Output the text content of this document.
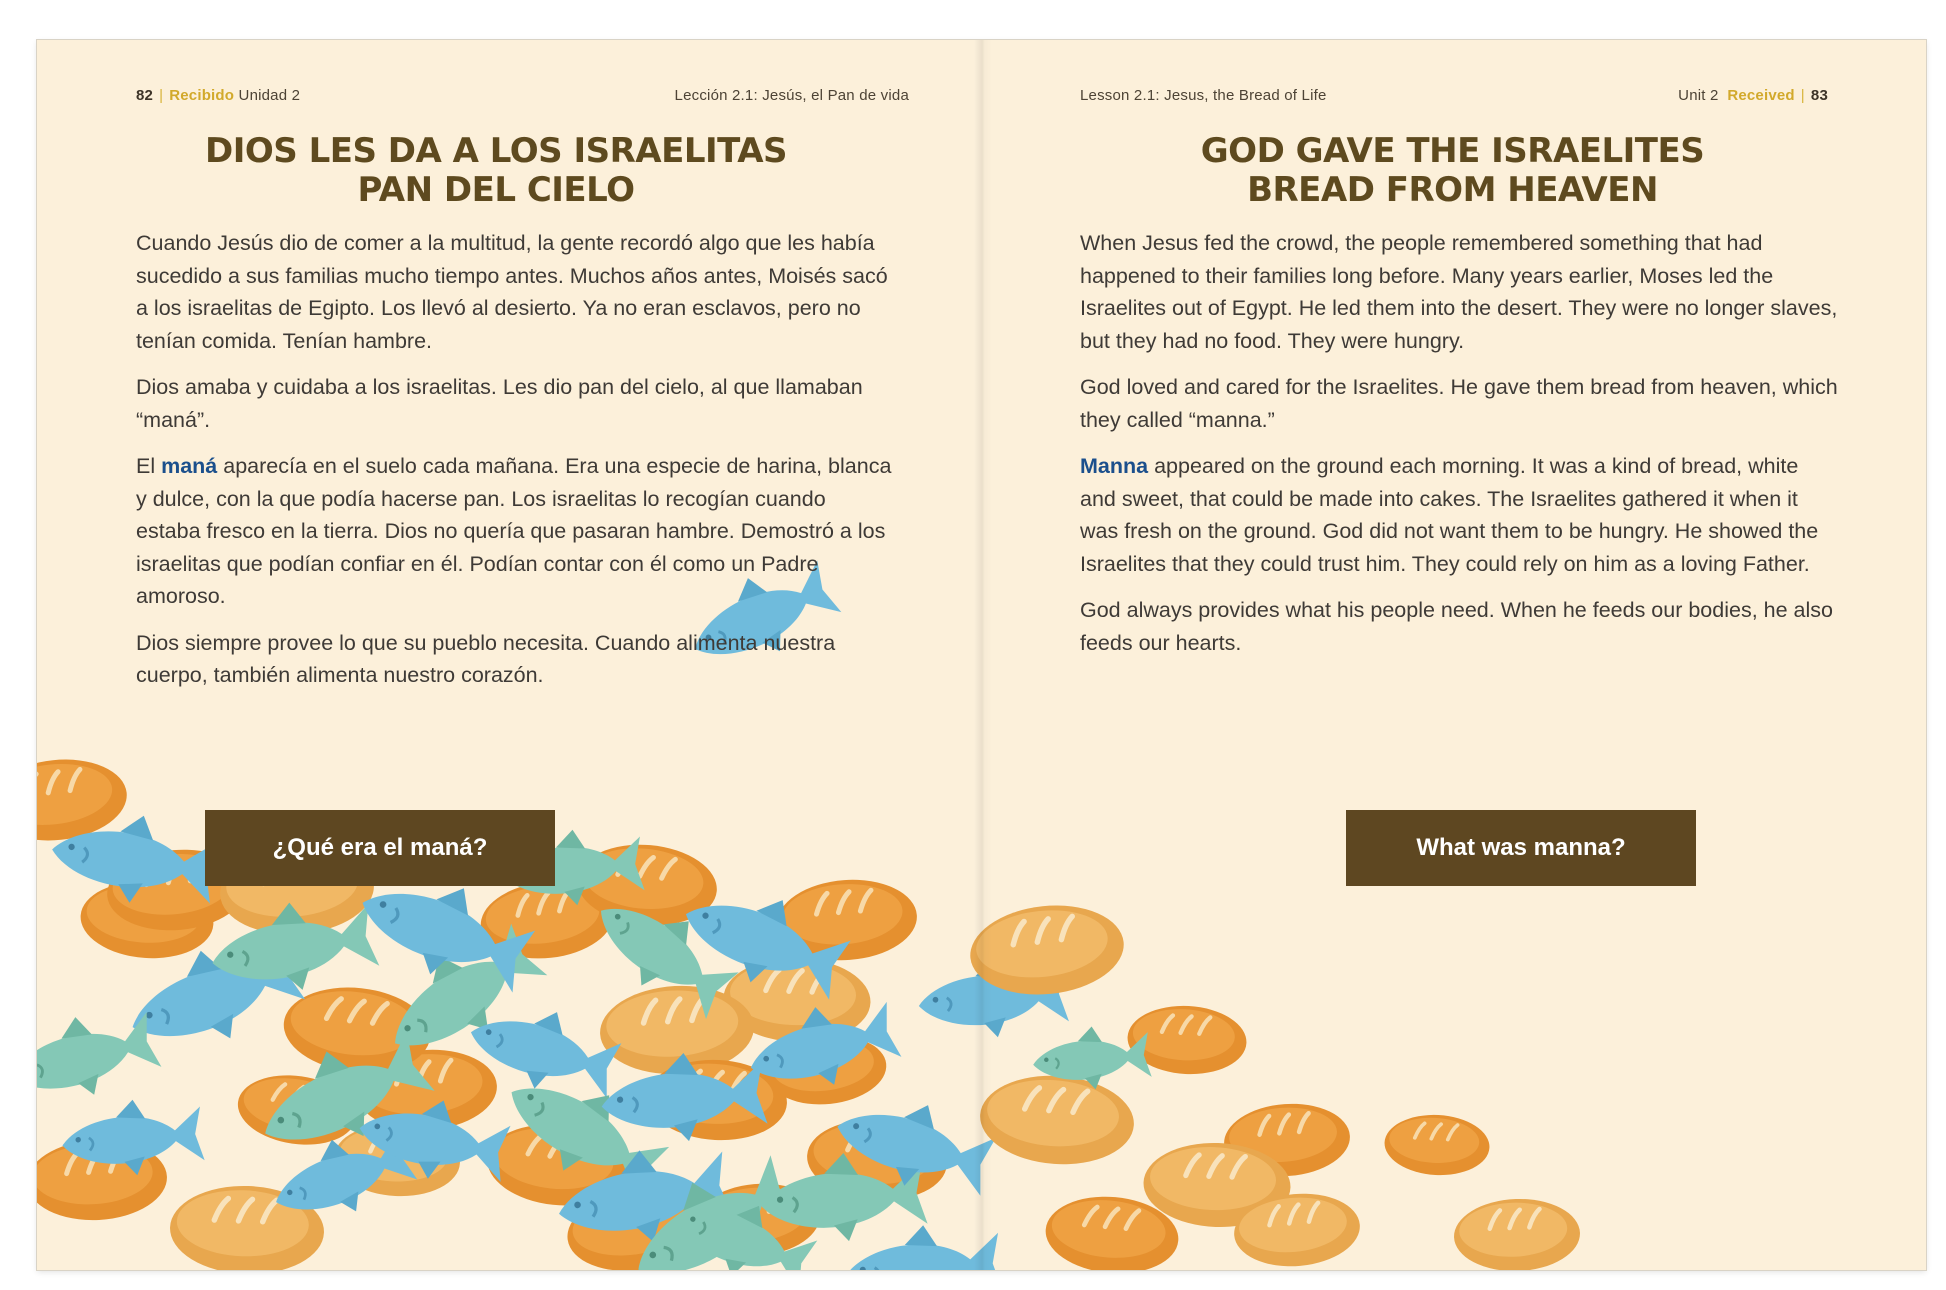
82 | Recibido Unidad 2	Lección 2.1: Jesús, el Pan de vida
DIOS LES DA A LOS ISRAELITAS
PAN DEL CIELO

Cuando Jesús dio de comer a la multitud, la gente recordó algo que les había sucedido a sus familias mucho tiempo antes. Muchos años antes, Moisés sacó a los israelitas de Egipto. Los llevó al desierto. Ya no eran esclavos, pero no tenían comida. Tenían hambre.

Dios amaba y cuidaba a los israelitas. Les dio pan del cielo, al que llamaban “maná”.

El maná aparecía en el suelo cada mañana. Era una especie de harina, blanca y dulce, con la que podía hacerse pan. Los israelitas lo recogían cuando estaba fresco en la tierra. Dios no quería que pasaran hambre. Demostró a los israelitas que podían confiar en él. Podían contar con él como un Padre amoroso.

Dios siempre provee lo que su pueblo necesita. Cuando alimenta nuestra cuerpo, también alimenta nuestro corazón.

¿Qué era el maná?
Lesson 2.1: Jesus, the Bread of Life	Unit 2 Received | 83
GOD GAVE THE ISRAELITES
BREAD FROM HEAVEN

When Jesus fed the crowd, the people remembered something that had happened to their families long before. Many years earlier, Moses led the Israelites out of Egypt. He led them into the desert. They were no longer slaves, but they had no food. They were hungry.

God loved and cared for the Israelites. He gave them bread from heaven, which they called “manna.”

Manna appeared on the ground each morning. It was a kind of bread, white and sweet, that could be made into cakes. The Israelites gathered it when it was fresh on the ground. God did not want them to be hungry. He showed the Israelites that they could trust him. They could rely on him as a loving Father.

God always provides what his people need. When he feeds our bodies, he also feeds our hearts.

What was manna?
